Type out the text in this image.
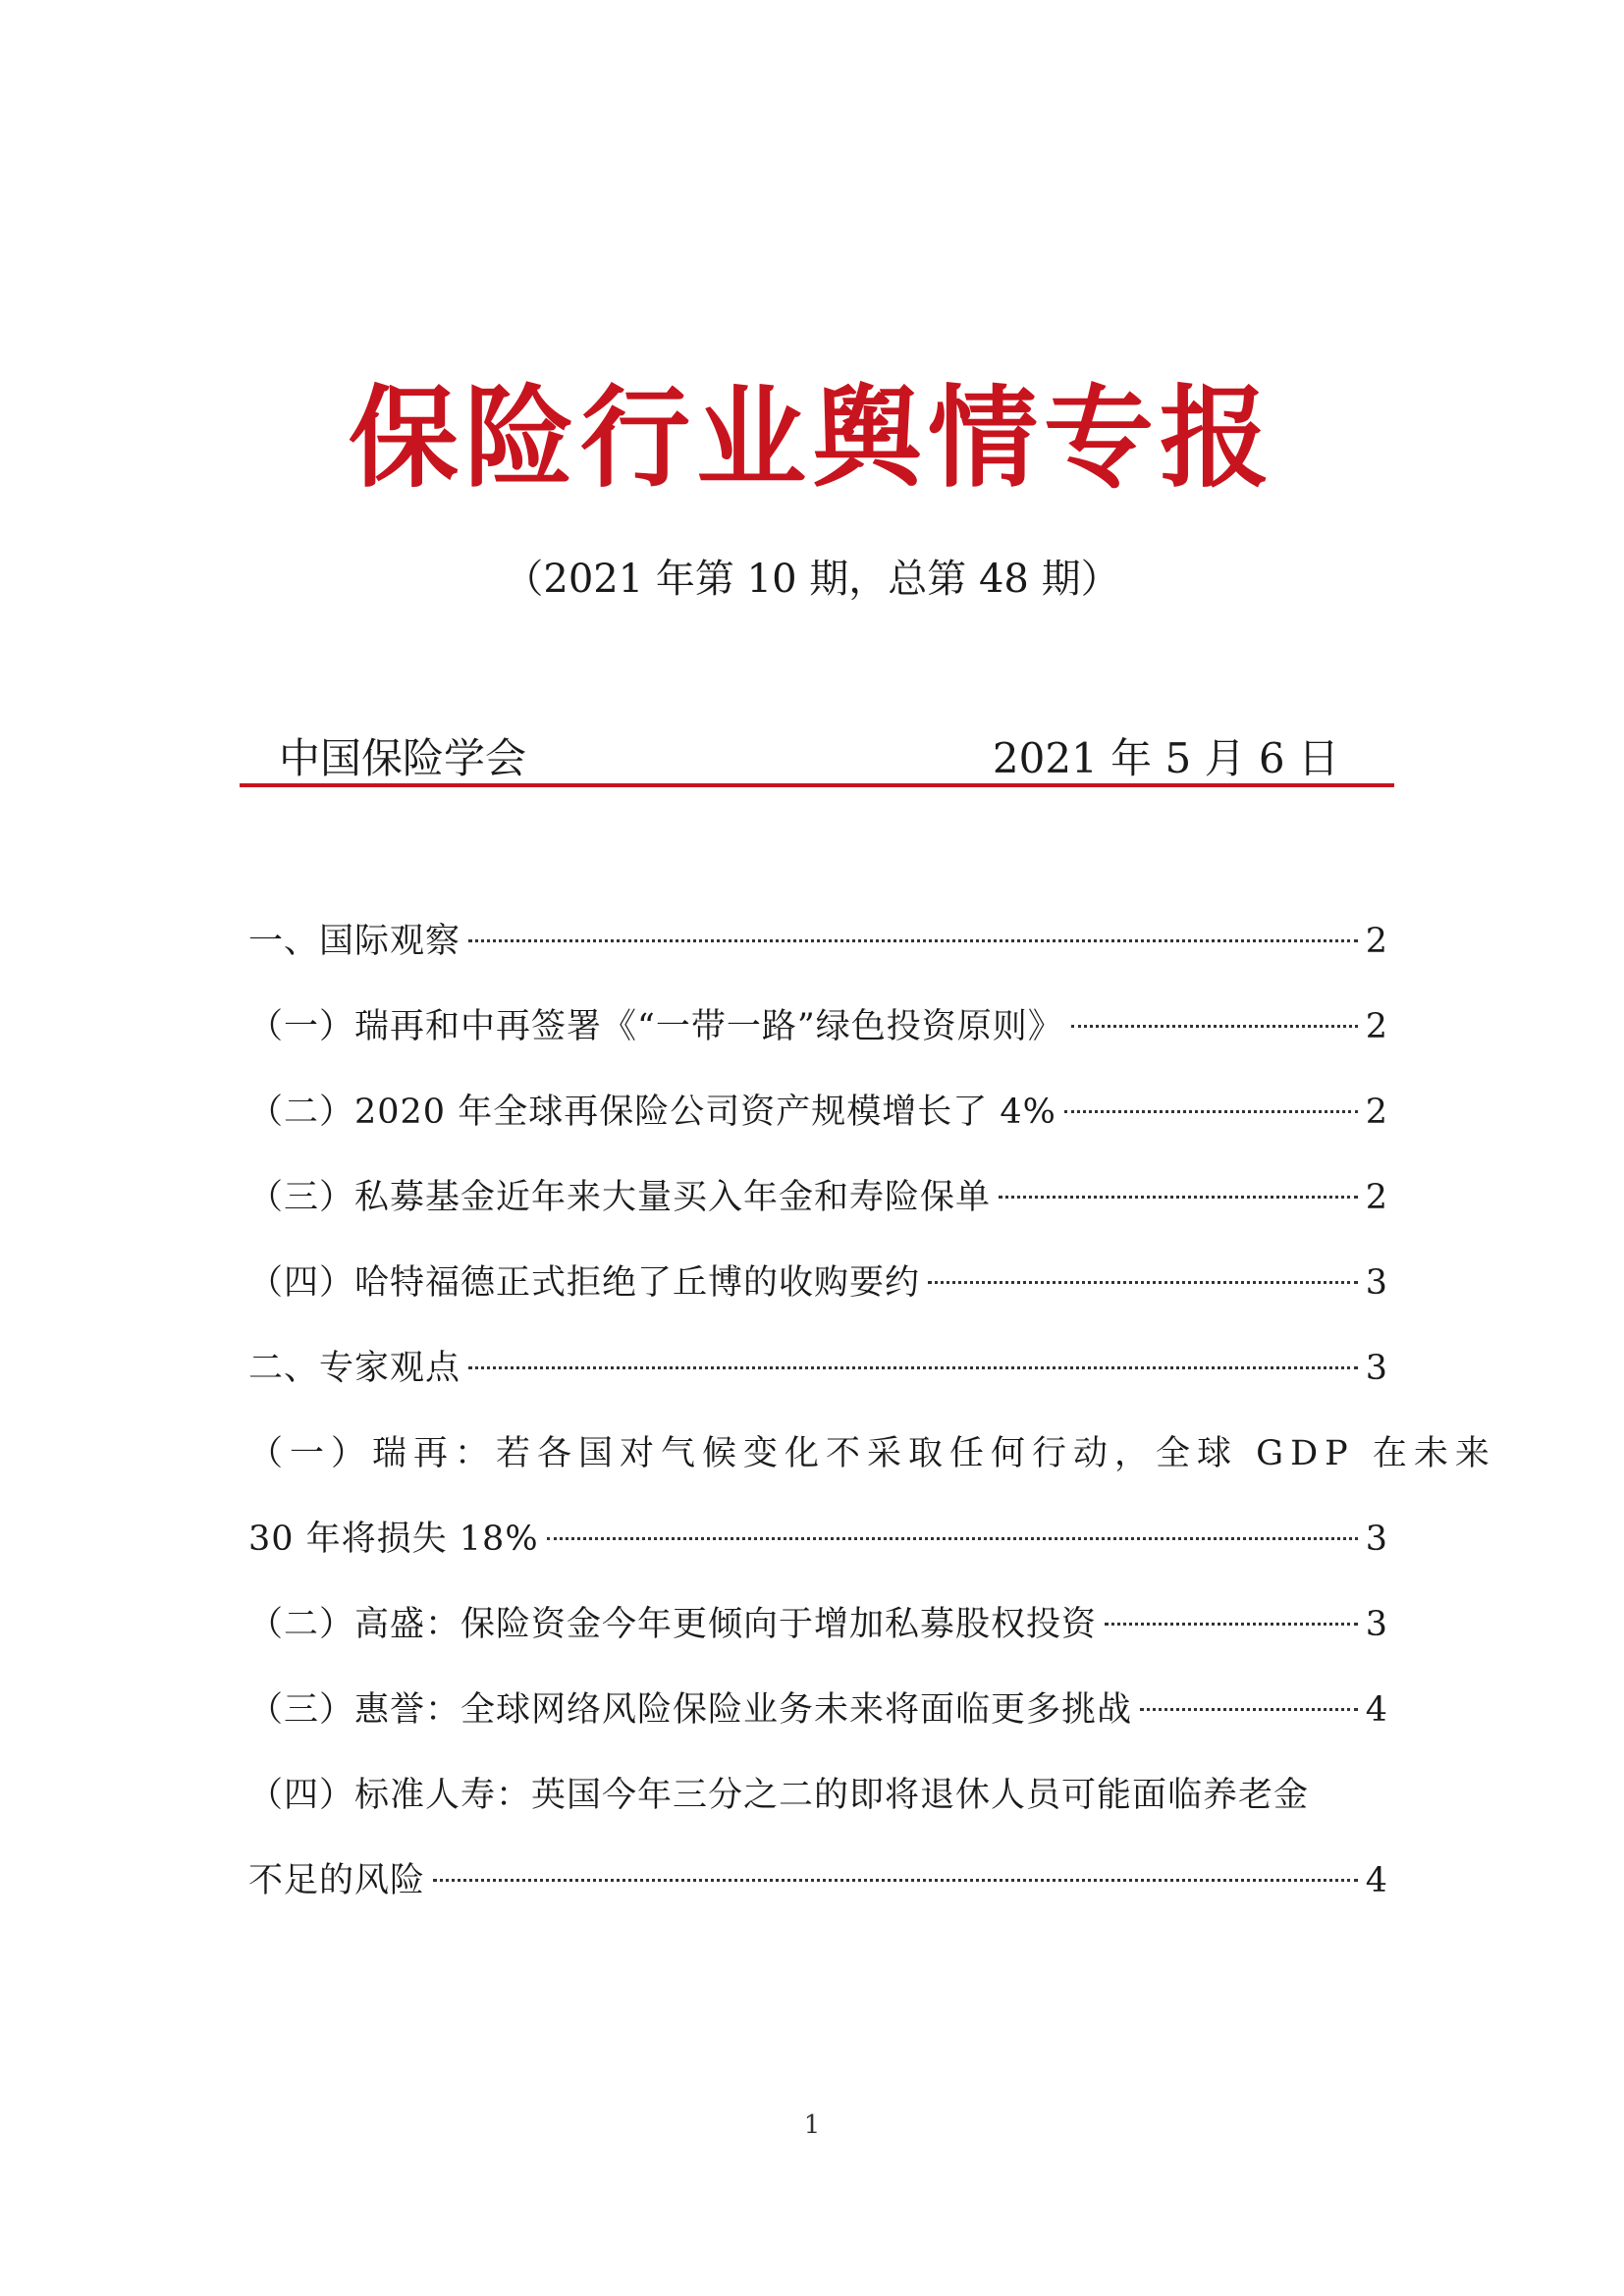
保险行业舆情专报
（2021 年第 10 期，总第 48 期）
中国保险学会	2021 年 5 月 6 日
一、国际观察	2
（一）瑞再和中再签署《“一带一路”绿色投资原则》	2
（二）2020 年全球再保险公司资产规模增长了 4%	2
（三）私募基金近年来大量买入年金和寿险保单	2
（四）哈特福德正式拒绝了丘博的收购要约	3
二、专家观点	3
（一）瑞再：若各国对气候变化不采取任何行动，全球 GDP 在未来
30 年将损失 18%	3
（二）高盛：保险资金今年更倾向于增加私募股权投资	3
（三）惠誉：全球网络风险保险业务未来将面临更多挑战	4
（四）标准人寿：英国今年三分之二的即将退休人员可能面临养老金
不足的风险	4
1
